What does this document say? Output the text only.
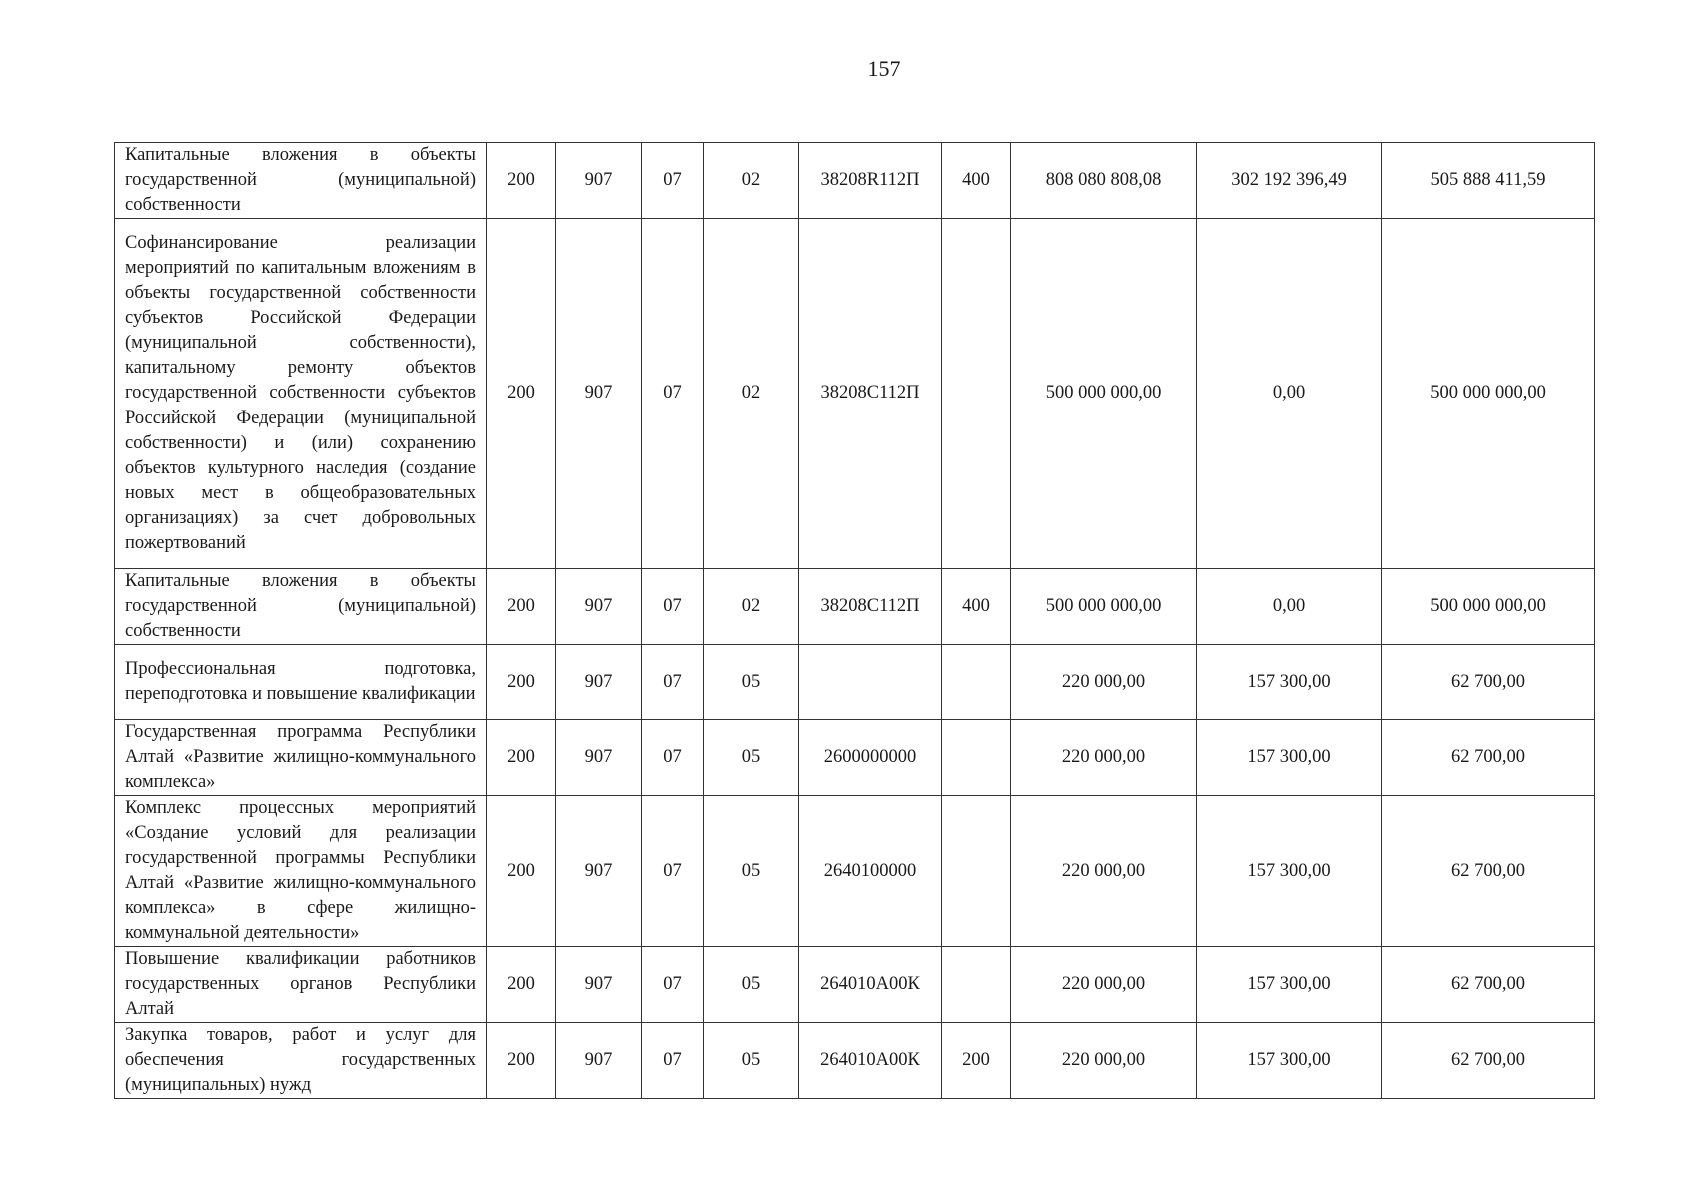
157
Капитальные вложения в объекты государственной (муниципальной) собственности	200	907	07	02	38208R112П	400	808 080 808,08	302 192 396,49	505 888 411,59
Софинансирование реализации мероприятий по капитальным вложениям в объекты государственной собственности субъектов Российской Федерации (муниципальной собственности), капитальному ремонту объектов государственной собственности субъектов Российской Федерации (муниципальной собственности) и (или) сохранению объектов культурного наследия (создание новых мест в общеобразовательных организациях) за счет добровольных пожертвований	200	907	07	02	38208С112П		500 000 000,00	0,00	500 000 000,00
Капитальные вложения в объекты государственной (муниципальной) собственности	200	907	07	02	38208С112П	400	500 000 000,00	0,00	500 000 000,00
Профессиональная подготовка, переподготовка и повышение квалификации	200	907	07	05			220 000,00	157 300,00	62 700,00
Государственная программа Республики Алтай «Развитие жилищно-коммунального комплекса»	200	907	07	05	2600000000		220 000,00	157 300,00	62 700,00
Комплекс процессных мероприятий «Создание условий для реализации государственной программы Республики Алтай «Развитие жилищно-коммунального комплекса» в сфере жилищно-коммунальной деятельности»	200	907	07	05	2640100000		220 000,00	157 300,00	62 700,00
Повышение квалификации работников государственных органов Республики Алтай	200	907	07	05	264010А00К		220 000,00	157 300,00	62 700,00
Закупка товаров, работ и услуг для обеспечения государственных (муниципальных) нужд	200	907	07	05	264010А00К	200	220 000,00	157 300,00	62 700,00
